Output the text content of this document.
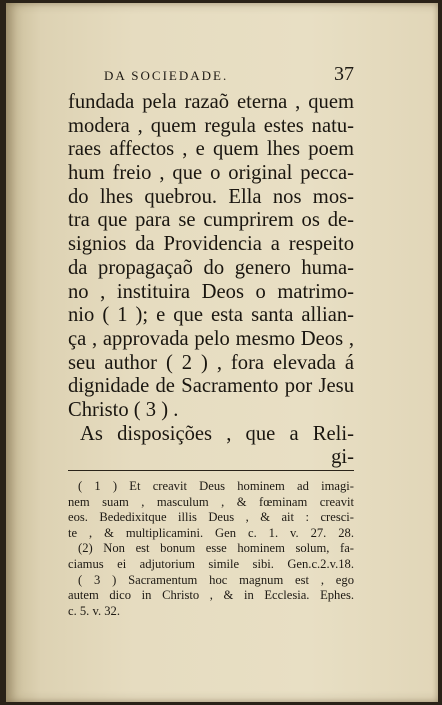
DA SOCIEDADE.	37
fundada pela razaõ eterna , quem
modera , quem regula estes natu-
raes affectos , e quem lhes poem
hum freio , que o original pecca-
do lhes quebrou. Ella nos mos-
tra que para se cumprirem os de-
signios da Providencia a respeito
da propagaçaõ do genero huma-
no , instituira Deos o matrimo-
nio ( 1 ); e que esta santa allian-
ça , approvada pelo mesmo Deos ,
seu author ( 2 ) , fora elevada á
dignidade de Sacramento por Jesu
Christo ( 3 ) .
As disposições , que a Reli-
gi-
( 1 ) Et creavit Deus hominem ad imagi-
nem suam , masculum , & fœminam creavit
eos. Bededixitque illis Deus , & ait : cresci-
te , & multiplicamini. Gen c. 1. v. 27. 28.
(2) Non est bonum esse hominem solum, fa-
ciamus ei adjutorium simile sibi. Gen.c.2.v.18.
( 3 ) Sacramentum hoc magnum est , ego
autem dico in Christo , & in Ecclesia. Ephes.
c. 5. v. 32.
